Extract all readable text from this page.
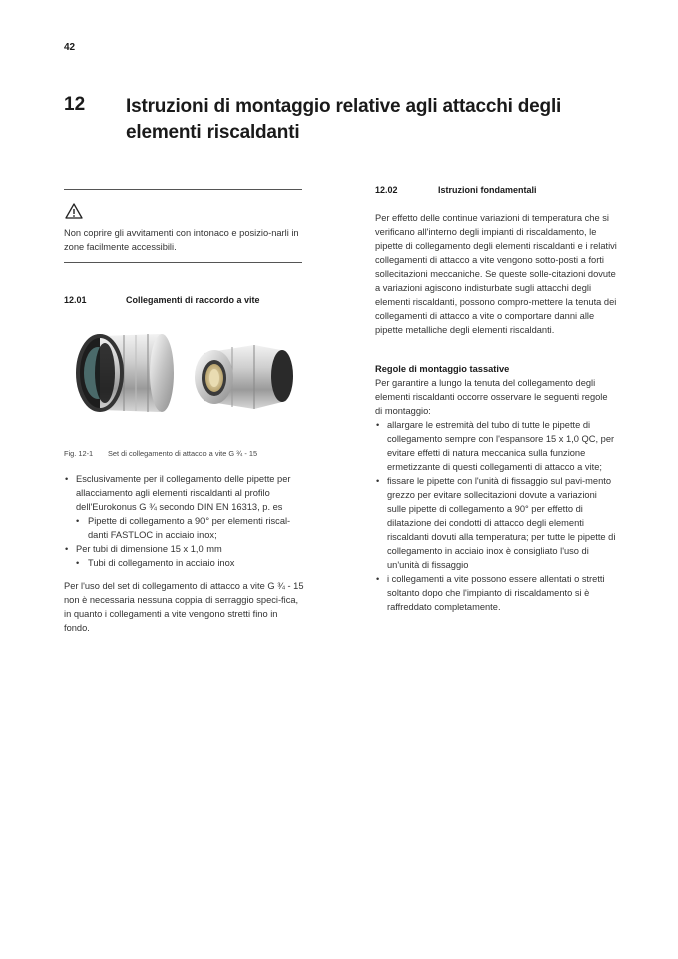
42
12 Istruzioni di montaggio relative agli attacchi degli elementi riscaldanti
Non coprire gli avvitamenti con intonaco e posizio-narli in zone facilmente accessibili.
12.01	Collegamenti di raccordo a vite
Fig. 12-1 Set di collegamento di attacco a vite G ¾ - 15
• Esclusivamente per il collegamento delle pipette per allacciamento agli elementi riscaldanti al profilo dell'Eurokonus G ¾ secondo DIN EN 16313, p. es
• Pipette di collegamento a 90° per elementi riscal-danti FASTLOC in acciaio inox;
• Per tubi di dimensione 15 x 1,0 mm
• Tubi di collegamento in acciaio inox
Per l'uso del set di collegamento di attacco a vite G ¾ - 15 non è necessaria nessuna coppia di serraggio speci-fica, in quanto i collegamenti a vite vengono stretti fino in fondo.
12.02	Istruzioni fondamentali
Per effetto delle continue variazioni di temperatura che si verificano all'interno degli impianti di riscaldamento, le pipette di collegamento degli elementi riscaldanti e i relativi collegamenti di attacco a vite vengono sotto-posti a forti sollecitazioni meccaniche. Se queste solle-citazioni dovute a variazioni agiscono indisturbate sugli attacchi degli elementi riscaldanti, possono compro-mettere la tenuta dei collegamenti di attacco a vite o comportare danni alle pipette metalliche degli elementi riscaldanti.
Regole di montaggio tassative
Per garantire a lungo la tenuta del collegamento degli elementi riscaldanti occorre osservare le seguenti regole di montaggio:
• allargare le estremità del tubo di tutte le pipette di collegamento sempre con l'espansore 15 x 1,0 QC, per evitare effetti di natura meccanica sulla funzione ermetizzante di questi collegamenti di attacco a vite;
• fissare le pipette con l'unità di fissaggio sul pavi-mento grezzo per evitare sollecitazioni dovute a variazioni sulle pipette di collegamento a 90° per effetto di dilatazione dei condotti di attacco degli elementi riscaldanti dovuti alla temperatura; per tutte le pipette di collegamento in acciaio inox è consigliato l'uso di un'unità di fissaggio
• i collegamenti a vite possono essere allentati o stretti soltanto dopo che l'impianto di riscaldamento si è raffreddato completamente.
